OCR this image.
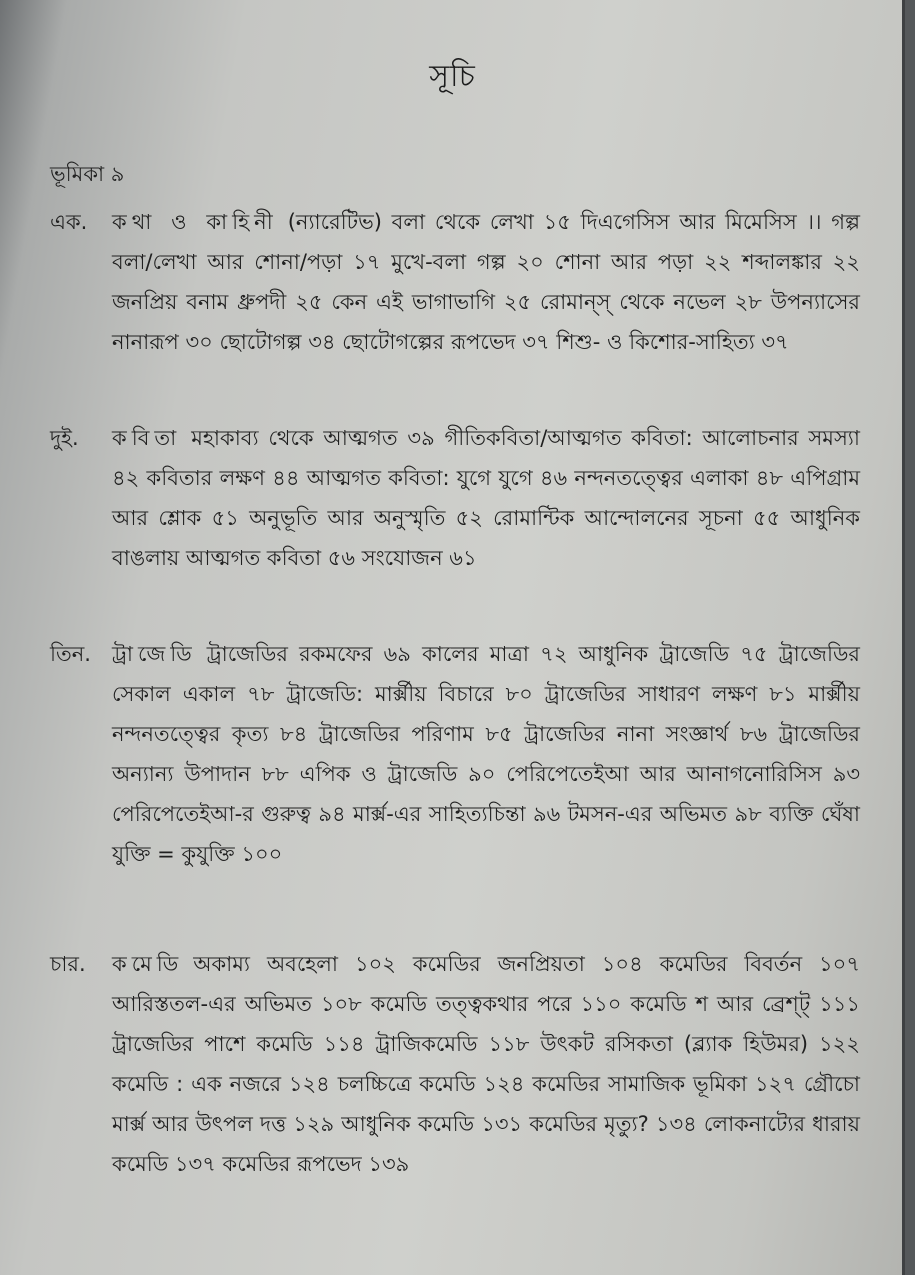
সূচি
ভূমিকা ৯
এক. কথা ও কাহিনী (ন্যারেটিভ) বলা থেকে লেখা ১৫ দিএগেসিস আর মিমেসিস ।। গল্প বলা/লেখা আর শোনা/পড়া ১৭ মুখে-বলা গল্প ২০ শোনা আর পড়া ২২ শব্দালঙ্কার ২২ জনপ্রিয় বনাম ধ্রুপদী ২৫ কেন এই ভাগাভাগি ২৫ রোমান্স্ থেকে নভেল ২৮ উপন্যাসের নানারূপ ৩০ ছোটোগল্প ৩৪ ছোটোগল্পের রূপভেদ ৩৭ শিশু- ও কিশোর-সাহিত্য ৩৭
দুই. কবিতা মহাকাব্য থেকে আত্মগত ৩৯ গীতিকবিতা/আত্মগত কবিতা: আলোচনার সমস্যা ৪২ কবিতার লক্ষণ ৪৪ আত্মগত কবিতা: যুগে যুগে ৪৬ নন্দনতত্ত্বের এলাকা ৪৮ এপিগ্রাম আর শ্লোক ৫১ অনুভূতি আর অনুস্মৃতি ৫২ রোমান্টিক আন্দোলনের সূচনা ৫৫ আধুনিক বাঙলায় আত্মগত কবিতা ৫৬ সংযোজন ৬১
তিন. ট্রাজেডি ট্রাজেডির রকমফের ৬৯ কালের মাত্রা ৭২ আধুনিক ট্রাজেডি ৭৫ ট্রাজেডির সেকাল একাল ৭৮ ট্রাজেডি: মার্ক্সীয় বিচারে ৮০ ট্রাজেডির সাধারণ লক্ষণ ৮১ মার্ক্সীয় নন্দনতত্ত্বের কৃত্য ৮৪ ট্রাজেডির পরিণাম ৮৫ ট্রাজেডির নানা সংজ্ঞার্থ ৮৬ ট্রাজেডির অন্যান্য উপাদান ৮৮ এপিক ও ট্রাজেডি ৯০ পেরিপেতেইআ আর আনাগনোরিসিস ৯৩ পেরিপেতেইআ-র গুরুত্ব ৯৪ মার্ক্স-এর সাহিত্যচিন্তা ৯৬ টমসন-এর অভিমত ৯৮ ব্যক্তি ঘেঁষা যুক্তি = কুযুক্তি ১০০
চার. কমেডি অকাম্য অবহেলা ১০২ কমেডির জনপ্রিয়তা ১০৪ কমেডির বিবর্তন ১০৭ আরিস্ততল-এর অভিমত ১০৮ কমেডি তত্ত্বকথার পরে ১১০ কমেডি শ আর ব্রেশ্‌ট্ ১১১ ট্রাজেডির পাশে কমেডি ১১৪ ট্রাজিকমেডি ১১৮ উৎকট রসিকতা (ব্ল্যাক হিউমর) ১২২ কমেডি : এক নজরে ১২৪ চলচ্চিত্রে কমেডি ১২৪ কমেডির সামাজিক ভূমিকা ১২৭ গ্রৌচো মার্ক্স আর উৎপল দত্ত ১২৯ আধুনিক কমেডি ১৩১ কমেডির মৃত্যু? ১৩৪ লোকনাট্যের ধারায় কমেডি ১৩৭ কমেডির রূপভেদ ১৩৯
